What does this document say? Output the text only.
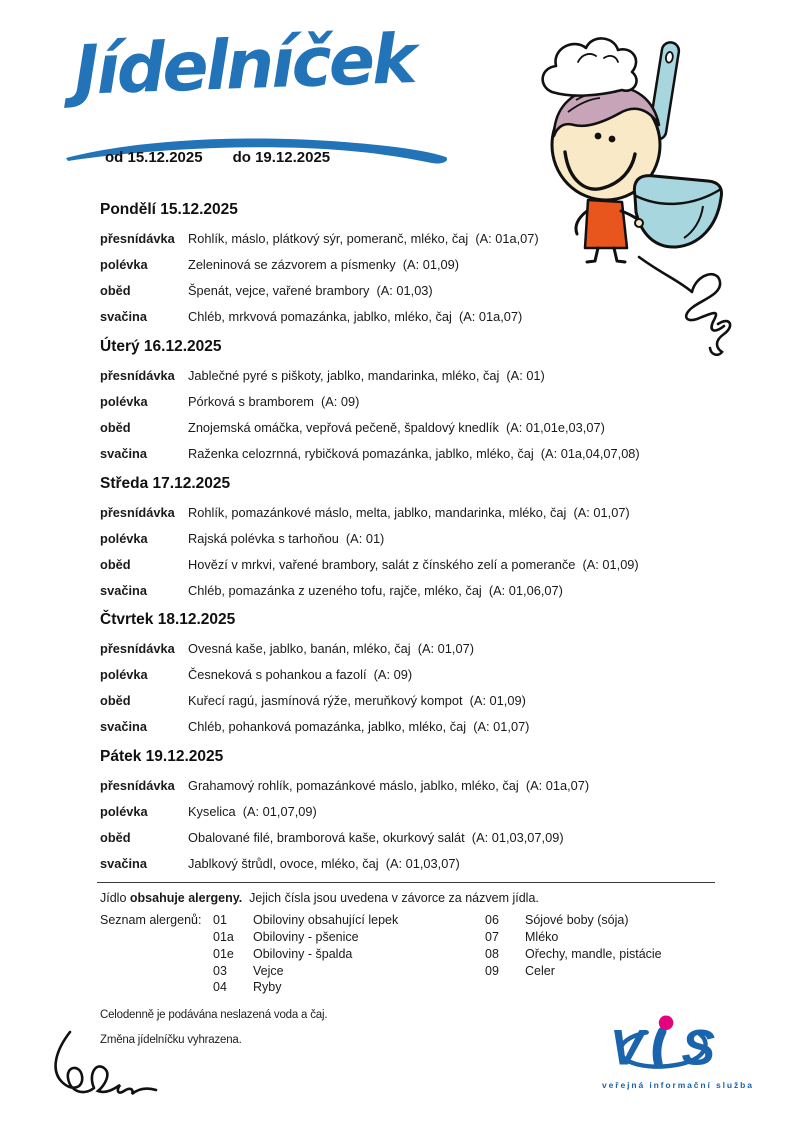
Jídelníček
od 15.12.2025 do 19.12.2025
Pondělí 15.12.2025
přesnídávka	Rohlík, máslo, plátkový sýr, pomeranč, mléko, čaj  (A: 01a,07)
polévka	Zeleninová se zázvorem a písmenky  (A: 01,09)
oběd	Špenát, vejce, vařené brambory  (A: 01,03)
svačina	Chléb, mrkvová pomazánka, jablko, mléko, čaj  (A: 01a,07)
Úterý 16.12.2025
přesnídávka	Jablečné pyré s piškoty, jablko, mandarinka, mléko, čaj  (A: 01)
polévka	Pórková s bramborem  (A: 09)
oběd	Znojemská omáčka, vepřová pečeně, špaldový knedlík  (A: 01,01e,03,07)
svačina	Raženka celozrnná, rybičková pomazánka, jablko, mléko, čaj  (A: 01a,04,07,08)
Středa 17.12.2025
přesnídávka	Rohlík, pomazánkové máslo, melta, jablko, mandarinka, mléko, čaj  (A: 01,07)
polévka	Rajská polévka s tarhoňou  (A: 01)
oběd	Hovězí v mrkvi, vařené brambory, salát z čínského zelí a pomeranče  (A: 01,09)
svačina	Chléb, pomazánka z uzeného tofu, rajče, mléko, čaj  (A: 01,06,07)
Čtvrtek 18.12.2025
přesnídávka	Ovesná kaše, jablko, banán, mléko, čaj  (A: 01,07)
polévka	Česneková s pohankou a fazolí  (A: 09)
oběd	Kuřecí ragú, jasmínová rýže, meruňkový kompot  (A: 01,09)
svačina	Chléb, pohanková pomazánka, jablko, mléko, čaj  (A: 01,07)
Pátek 19.12.2025
přesnídávka	Grahamový rohlík, pomazánkové máslo, jablko, mléko, čaj  (A: 01a,07)
polévka	Kyselica  (A: 01,07,09)
oběd	Obalované filé, bramborová kaše, okurkový salát  (A: 01,03,07,09)
svačina	Jablkový štrůdl, ovoce, mléko, čaj  (A: 01,03,07)

Jídlo obsahuje alergeny.  Jejich čísla jsou uvedena v závorce za názvem jídla.

Seznam alergenů: 01	Obiloviny obsahující lepek
01a	Obiloviny - pšenice
01e	Obiloviny - špalda
03	Vejce
04	Ryby
06	Sójové boby (sója)
07	Mléko
08	Ořechy, mandle, pistácie
09	Celer

Celodenně je podávána neslazená voda a čaj.

Změna jídelníčku vyhrazena.	V S
veřejná informační služba
